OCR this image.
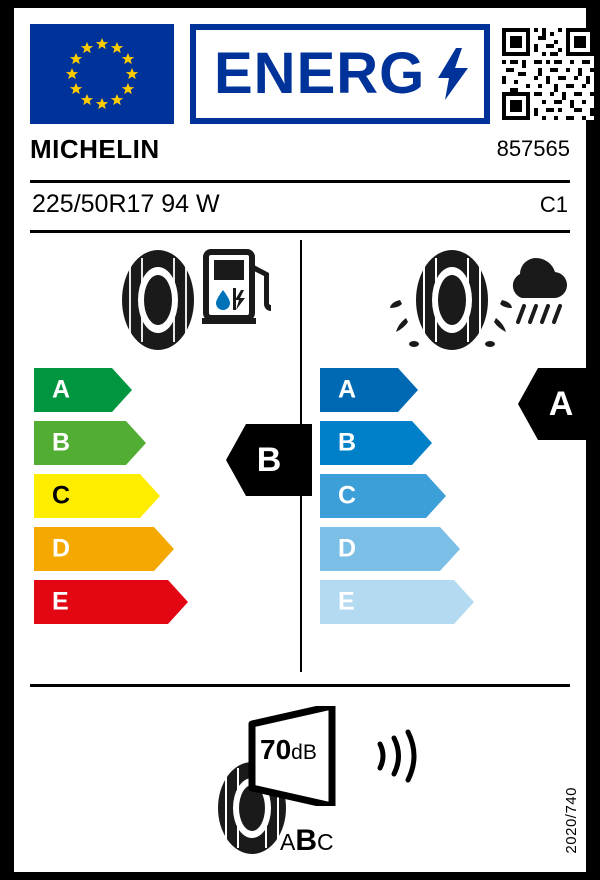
ENERG
MICHELIN	857565
225/50R17 94 W	C1
A
B
C
D
E
B
A
B
C
D
E
A
70dB
ABC	2020/740
